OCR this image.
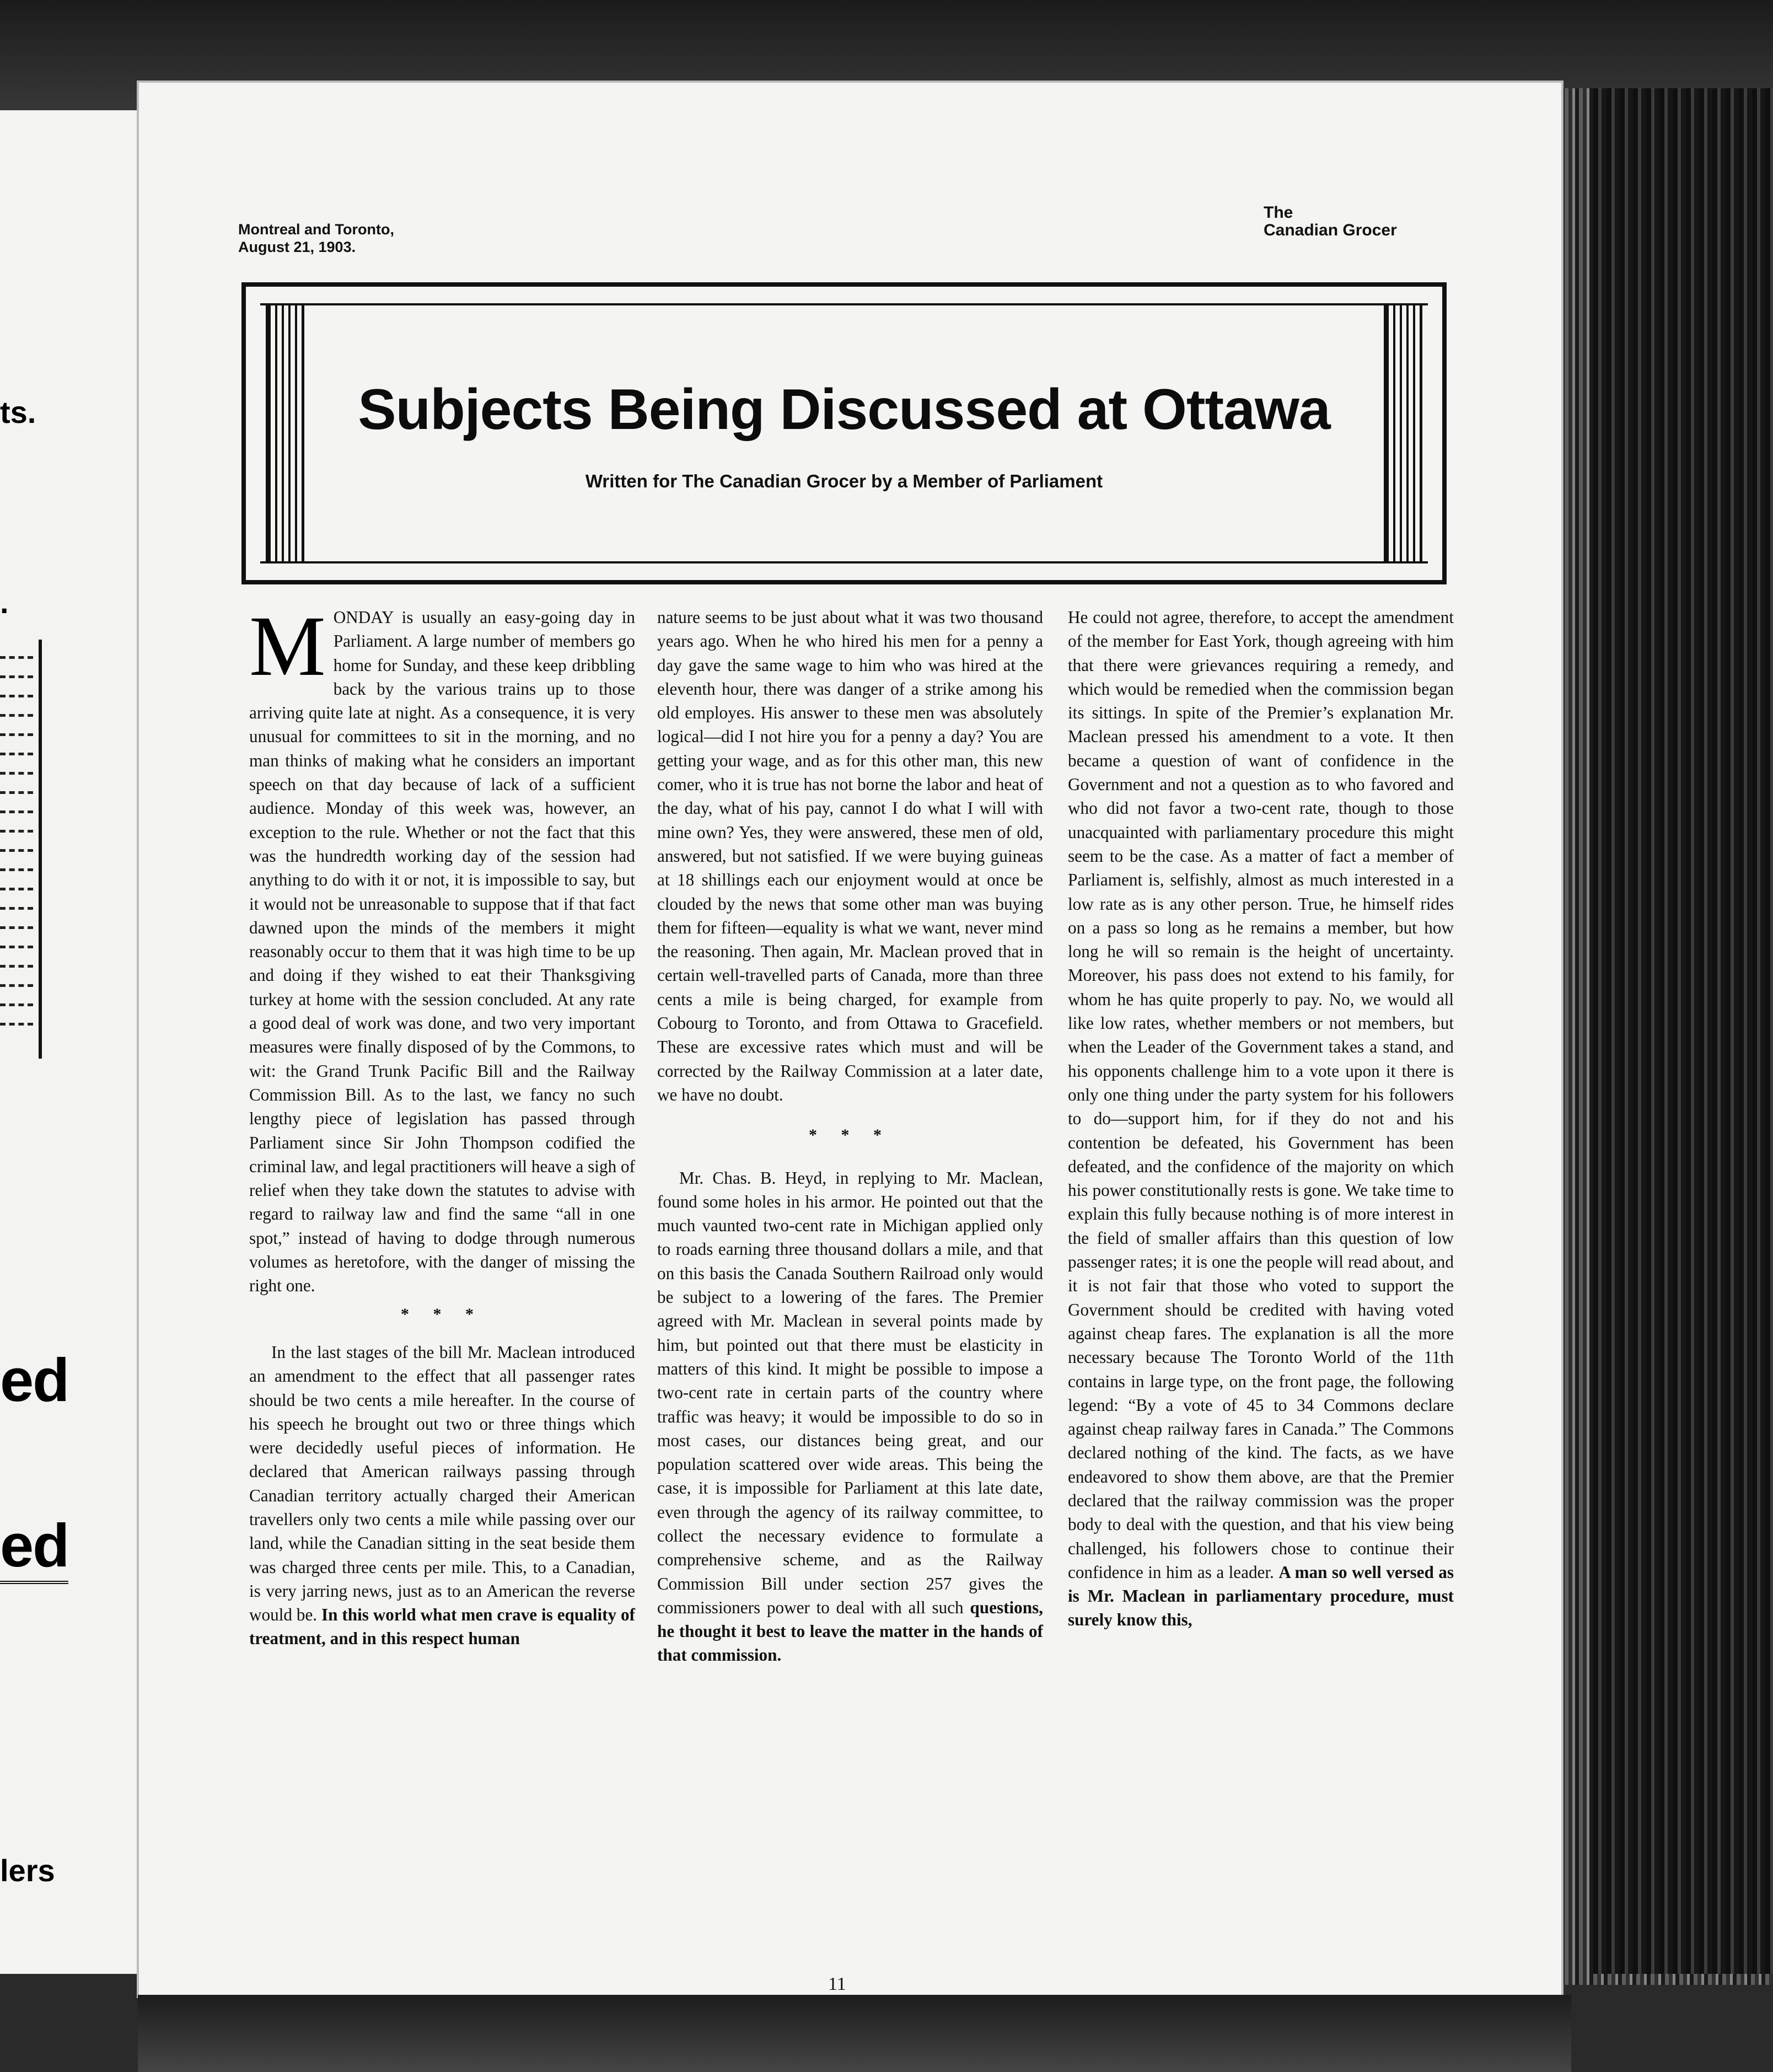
ts.
.
ed
ed
lers
Montreal and Toronto,
August 21, 1903.
The
Canadian Grocer
Subjects Being Discussed at Ottawa
Written for The Canadian Grocer by a Member of Parliament

MONDAY is usually an easy-going day in Parliament. A large number of members go home for Sunday, and these keep dribbling back by the various trains up to those arriving quite late at night. As a consequence, it is very unusual for committees to sit in the morning, and no man thinks of making what he considers an important speech on that day because of lack of a sufficient audience. Monday of this week was, however, an exception to the rule. Whether or not the fact that this was the hundredth working day of the session had anything to do with it or not, it is impossible to say, but it would not be unreasonable to suppose that if that fact dawned upon the minds of the members it might reasonably occur to them that it was high time to be up and doing if they wished to eat their Thanksgiving turkey at home with the session concluded. At any rate a good deal of work was done, and two very important measures were finally disposed of by the Commons, to wit: the Grand Trunk Pacific Bill and the Railway Commission Bill. As to the last, we fancy no such lengthy piece of legislation has passed through Parliament since Sir John Thompson codified the criminal law, and legal practitioners will heave a sigh of relief when they take down the statutes to advise with regard to railway law and find the same “all in one spot,” instead of having to dodge through numerous volumes as heretofore, with the danger of missing the right one.

* * *

In the last stages of the bill Mr. Maclean introduced an amendment to the effect that all passenger rates should be two cents a mile hereafter. In the course of his speech he brought out two or three things which were decidedly useful pieces of information. He declared that American railways passing through Canadian territory actually charged their American travellers only two cents a mile while passing over our land, while the Canadian sitting in the seat beside them was charged three cents per mile. This, to a Canadian, is very jarring news, just as to an American the reverse would be. In this world what men crave is equality of treatment, and in this respect human

nature seems to be just about what it was two thousand years ago. When he who hired his men for a penny a day gave the same wage to him who was hired at the eleventh hour, there was danger of a strike among his old employes. His answer to these men was absolutely logical—did I not hire you for a penny a day? You are getting your wage, and as for this other man, this new comer, who it is true has not borne the labor and heat of the day, what of his pay, cannot I do what I will with mine own? Yes, they were answered, these men of old, answered, but not satisfied. If we were buying guineas at 18 shillings each our enjoyment would at once be clouded by the news that some other man was buying them for fifteen—equality is what we want, never mind the reasoning. Then again, Mr. Maclean proved that in certain well-travelled parts of Canada, more than three cents a mile is being charged, for example from Cobourg to Toronto, and from Ottawa to Gracefield. These are excessive rates which must and will be corrected by the Railway Commission at a later date, we have no doubt.

* * *

Mr. Chas. B. Heyd, in replying to Mr. Maclean, found some holes in his armor. He pointed out that the much vaunted two-cent rate in Michigan applied only to roads earning three thousand dollars a mile, and that on this basis the Canada Southern Railroad only would be subject to a lowering of the fares. The Premier agreed with Mr. Maclean in several points made by him, but pointed out that there must be elasticity in matters of this kind. It might be possible to impose a two-cent rate in certain parts of the country where traffic was heavy; it would be impossible to do so in most cases, our distances being great, and our population scattered over wide areas. This being the case, it is impossible for Parliament at this late date, even through the agency of its railway committee, to collect the necessary evidence to formulate a comprehensive scheme, and as the Railway Commission Bill under section 257 gives the commissioners power to deal with all such questions, he thought it best to leave the matter in the hands of that commission.

He could not agree, therefore, to accept the amendment of the member for East York, though agreeing with him that there were grievances requiring a remedy, and which would be remedied when the commission began its sittings. In spite of the Premier’s explanation Mr. Maclean pressed his amendment to a vote. It then became a question of want of confidence in the Government and not a question as to who favored and who did not favor a two-cent rate, though to those unacquainted with parliamentary procedure this might seem to be the case. As a matter of fact a member of Parliament is, selfishly, almost as much interested in a low rate as is any other person. True, he himself rides on a pass so long as he remains a member, but how long he will so remain is the height of uncertainty. Moreover, his pass does not extend to his family, for whom he has quite properly to pay. No, we would all like low rates, whether members or not members, but when the Leader of the Government takes a stand, and his opponents challenge him to a vote upon it there is only one thing under the party system for his followers to do—support him, for if they do not and his contention be defeated, his Government has been defeated, and the confidence of the majority on which his power constitutionally rests is gone. We take time to explain this fully because nothing is of more interest in the field of smaller affairs than this question of low passenger rates; it is one the people will read about, and it is not fair that those who voted to support the Government should be credited with having voted against cheap fares. The explanation is all the more necessary because The Toronto World of the 11th contains in large type, on the front page, the following legend: “By a vote of 45 to 34 Commons declare against cheap railway fares in Canada.” The Commons declared nothing of the kind. The facts, as we have endeavored to show them above, are that the Premier declared that the railway commission was the proper body to deal with the question, and that his view being challenged, his followers chose to continue their confidence in him as a leader. A man so well versed as is Mr. Maclean in parliamentary procedure, must surely know this,

11
